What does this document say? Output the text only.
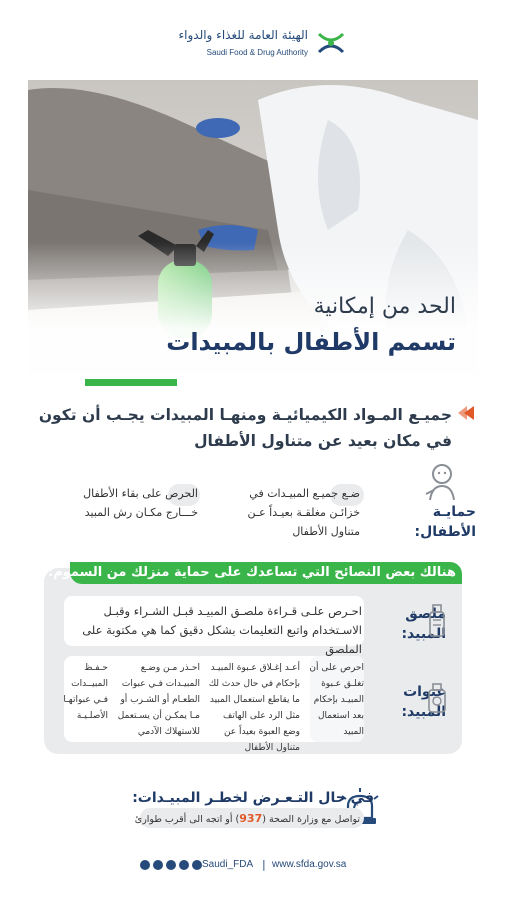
الهيئة العامة للغذاء والدواء
Saudi Food & Drug Authority
الحد من إمكانية
تسمم الأطفال بالمبيدات
جميـع المـواد الكيميائيـة ومنهـا المبيدات يجـب أن تكون في مكان بعيد عن متناول الأطفال
حمايـة الأطفال:
ضـع جميـع المبيـدات في خزائـن مغلقـة بعيـداً عـن متناول الأطفال
الحرص على بقاء الأطفال خـــارج مكـان رش المبيد
هنالك بعض النصائح التي تساعدك على حماية منزلك من السموم:
احـرص علـى قـراءة ملصـق المبيـد قبـل الشـراء وقبـل الاسـتخدام واتبع التعليمات بشكل دقيق كما هي مكتوبة على الملصق
ملصق المبيد:
احرص على أن تغلـق عـبوة المبيـد بإحكام بعد استعمال المبيد
أعـد إغـلاق عـبوة المبيـد بإحكام في حال حدث لك ما يقاطع استعمال المبيد مثل الرد على الهاتف وضع العبوة بعيداً عن متناول الأطفال
احـذر مـن وضـع المبيـدات فـي عبوات الطعـام أو الشـرب أو مـا يمكـن أن يسـتعمل للاستهلاك الآدمي
حـفـظ المبيــدات فـي عبواتهـا الأصلـيـة
عبوات المبيد:
في حال التـعـرض لخطـر المبيـدات:
تواصل مع وزارة الصحة (937) أو اتجه الى أقرب طوارئ
Saudi_FDA | www.sfda.gov.sa
